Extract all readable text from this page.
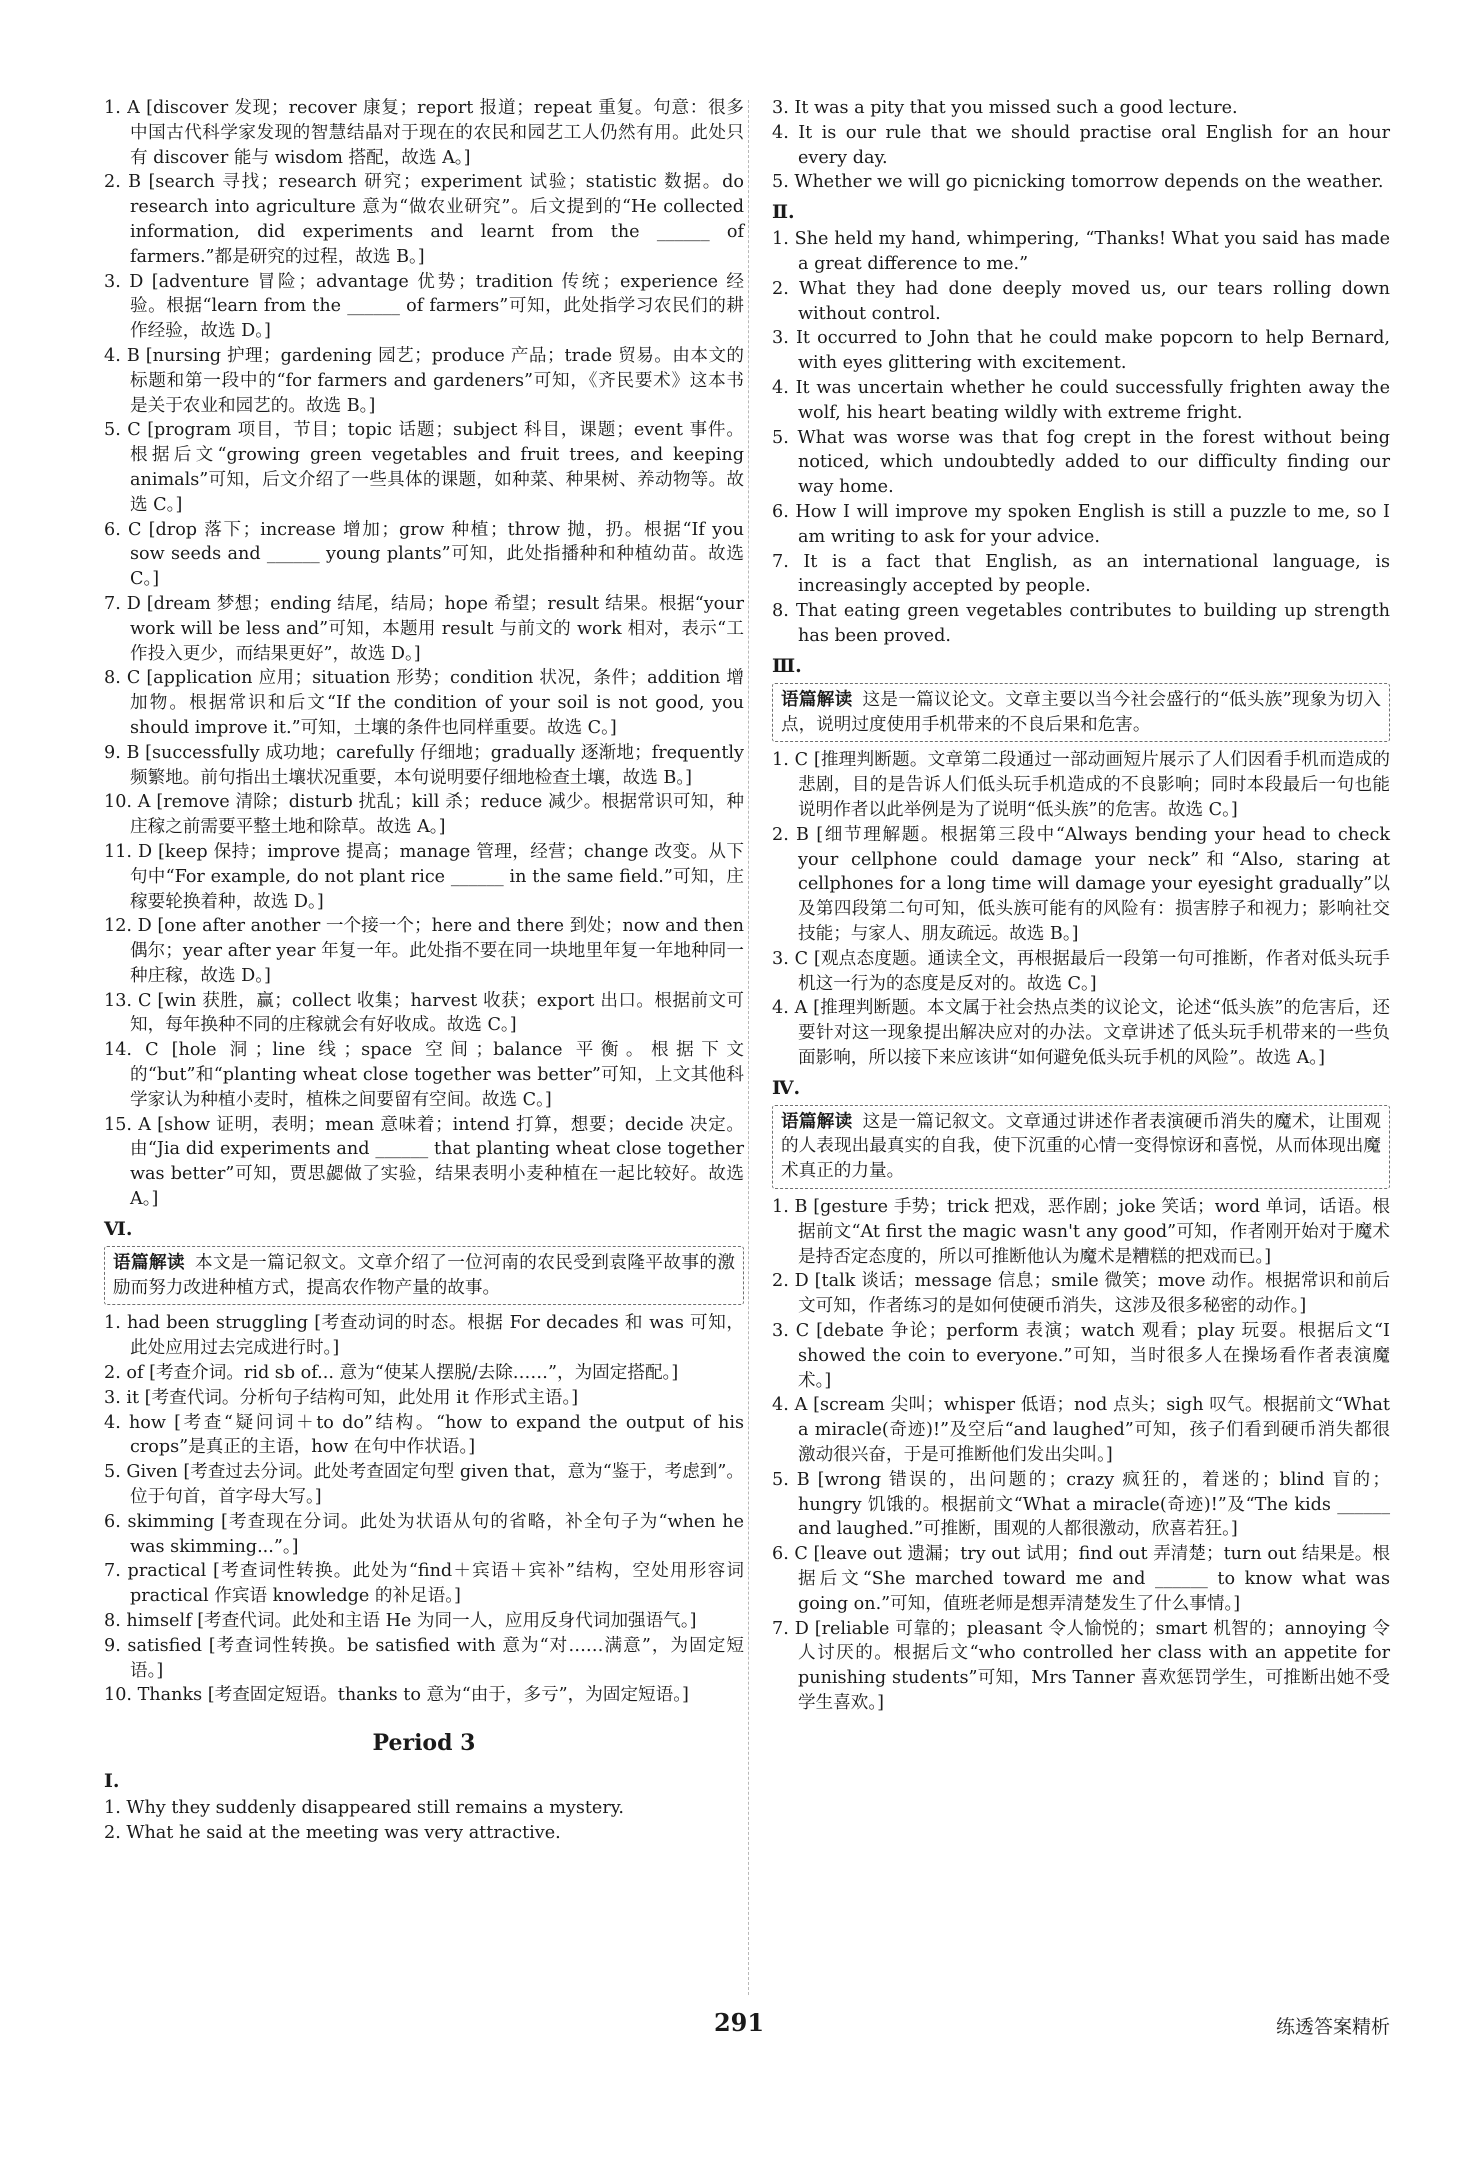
1. A [discover 发现；recover 康复；report 报道；repeat 重复。句意：很多中国古代科学家发现的智慧结晶对于现在的农民和园艺工人仍然有用。此处只有 discover 能与 wisdom 搭配，故选 A。]

2. B [search 寻找；research 研究；experiment 试验；statistic 数据。do research into agriculture 意为“做农业研究”。后文提到的“He collected information, did experiments and learnt from the ______ of farmers.”都是研究的过程，故选 B。]

3. D [adventure 冒险；advantage 优势；tradition 传统；experience 经验。根据“learn from the ______ of farmers”可知，此处指学习农民们的耕作经验，故选 D。]

4. B [nursing 护理；gardening 园艺；produce 产品；trade 贸易。由本文的标题和第一段中的“for farmers and gardeners”可知，《齐民要术》这本书是关于农业和园艺的。故选 B。]

5. C [program 项目，节目；topic 话题；subject 科目，课题；event 事件。根据后文“growing green vegetables and fruit trees, and keeping animals”可知，后文介绍了一些具体的课题，如种菜、种果树、养动物等。故选 C。]

6. C [drop 落下；increase 增加；grow 种植；throw 抛，扔。根据“If you sow seeds and ______ young plants”可知，此处指播种和种植幼苗。故选 C。]

7. D [dream 梦想；ending 结尾，结局；hope 希望；result 结果。根据“your work will be less and”可知，本题用 result 与前文的 work 相对，表示“工作投入更少，而结果更好”，故选 D。]

8. C [application 应用；situation 形势；condition 状况，条件；addition 增加物。根据常识和后文“If the condition of your soil is not good, you should improve it.”可知，土壤的条件也同样重要。故选 C。]

9. B [successfully 成功地；carefully 仔细地；gradually 逐渐地；frequently 频繁地。前句指出土壤状况重要，本句说明要仔细地检查土壤，故选 B。]

10. A [remove 清除；disturb 扰乱；kill 杀；reduce 减少。根据常识可知，种庄稼之前需要平整土地和除草。故选 A。]

11. D [keep 保持；improve 提高；manage 管理，经营；change 改变。从下句中“For example, do not plant rice ______ in the same field.”可知，庄稼要轮换着种，故选 D。]

12. D [one after another 一个接一个；here and there 到处；now and then 偶尔；year after year 年复一年。此处指不要在同一块地里年复一年地种同一种庄稼，故选 D。]

13. C [win 获胜，赢；collect 收集；harvest 收获；export 出口。根据前文可知，每年换种不同的庄稼就会有好收成。故选 C。]

14. C [hole 洞；line 线；space 空间；balance 平衡。根据下文的“but”和“planting wheat close together was better”可知，上文其他科学家认为种植小麦时，植株之间要留有空间。故选 C。]

15. A [show 证明，表明；mean 意味着；intend 打算，想要；decide 决定。由“Jia did experiments and ______ that planting wheat close together was better”可知，贾思勰做了实验，结果表明小麦种植在一起比较好。故选 A。]

Ⅵ.
语篇解读 本文是一篇记叙文。文章介绍了一位河南的农民受到袁隆平故事的激励而努力改进种植方式，提高农作物产量的故事。

1. had been struggling [考查动词的时态。根据 For decades 和 was 可知，此处应用过去完成进行时。]

2. of [考查介词。rid sb of... 意为“使某人摆脱/去除……”，为固定搭配。]

3. it [考查代词。分析句子结构可知，此处用 it 作形式主语。]

4. how [考查“疑问词＋to do”结构。“how to expand the output of his crops”是真正的主语，how 在句中作状语。]

5. Given [考查过去分词。此处考查固定句型 given that，意为“鉴于，考虑到”。位于句首，首字母大写。]

6. skimming [考查现在分词。此处为状语从句的省略，补全句子为“when he was skimming...”。]

7. practical [考查词性转换。此处为“find＋宾语＋宾补”结构，空处用形容词 practical 作宾语 knowledge 的补足语。]

8. himself [考查代词。此处和主语 He 为同一人，应用反身代词加强语气。]

9. satisfied [考查词性转换。be satisfied with 意为“对……满意”，为固定短语。]

10. Thanks [考查固定短语。thanks to 意为“由于，多亏”，为固定短语。]

Period 3
Ⅰ.

1. Why they suddenly disappeared still remains a mystery.

2. What he said at the meeting was very attractive.

3. It was a pity that you missed such a good lecture.

4. It is our rule that we should practise oral English for an hour every day.

5. Whether we will go picnicking tomorrow depends on the weather.

Ⅱ.

1. She held my hand, whimpering, “Thanks! What you said has made a great difference to me.”

2. What they had done deeply moved us, our tears rolling down without control.

3. It occurred to John that he could make popcorn to help Bernard, with eyes glittering with excitement.

4. It was uncertain whether he could successfully frighten away the wolf, his heart beating wildly with extreme fright.

5. What was worse was that fog crept in the forest without being noticed, which undoubtedly added to our difficulty finding our way home.

6. How I will improve my spoken English is still a puzzle to me, so I am writing to ask for your advice.

7. It is a fact that English, as an international language, is increasingly accepted by people.

8. That eating green vegetables contributes to building up strength has been proved.

Ⅲ.
语篇解读 这是一篇议论文。文章主要以当今社会盛行的“低头族”现象为切入点，说明过度使用手机带来的不良后果和危害。

1. C [推理判断题。文章第二段通过一部动画短片展示了人们因看手机而造成的悲剧，目的是告诉人们低头玩手机造成的不良影响；同时本段最后一句也能说明作者以此举例是为了说明“低头族”的危害。故选 C。]

2. B [细节理解题。根据第三段中“Always bending your head to check your cellphone could damage your neck”和“Also, staring at cellphones for a long time will damage your eyesight gradually”以及第四段第二句可知，低头族可能有的风险有：损害脖子和视力；影响社交技能；与家人、朋友疏远。故选 B。]

3. C [观点态度题。通读全文，再根据最后一段第一句可推断，作者对低头玩手机这一行为的态度是反对的。故选 C。]

4. A [推理判断题。本文属于社会热点类的议论文，论述“低头族”的危害后，还要针对这一现象提出解决应对的办法。文章讲述了低头玩手机带来的一些负面影响，所以接下来应该讲“如何避免低头玩手机的风险”。故选 A。]

Ⅳ.
语篇解读 这是一篇记叙文。文章通过讲述作者表演硬币消失的魔术，让围观的人表现出最真实的自我，使下沉重的心情一变得惊讶和喜悦，从而体现出魔术真正的力量。

1. B [gesture 手势；trick 把戏，恶作剧；joke 笑话；word 单词，话语。根据前文“At first the magic wasn't any good”可知，作者刚开始对于魔术是持否定态度的，所以可推断他认为魔术是糟糕的把戏而已。]

2. D [talk 谈话；message 信息；smile 微笑；move 动作。根据常识和前后文可知，作者练习的是如何使硬币消失，这涉及很多秘密的动作。]

3. C [debate 争论；perform 表演；watch 观看；play 玩耍。根据后文“I showed the coin to everyone.”可知，当时很多人在操场看作者表演魔术。]

4. A [scream 尖叫；whisper 低语；nod 点头；sigh 叹气。根据前文“What a miracle(奇迹)!”及空后“and laughed”可知，孩子们看到硬币消失都很激动很兴奋，于是可推断他们发出尖叫。]

5. B [wrong 错误的，出问题的；crazy 疯狂的，着迷的；blind 盲的；hungry 饥饿的。根据前文“What a miracle(奇迹)!”及“The kids ______ and laughed.”可推断，围观的人都很激动，欣喜若狂。]

6. C [leave out 遗漏；try out 试用；find out 弄清楚；turn out 结果是。根据后文“She marched toward me and ______ to know what was going on.”可知，值班老师是想弄清楚发生了什么事情。]

7. D [reliable 可靠的；pleasant 令人愉悦的；smart 机智的；annoying 令人讨厌的。根据后文“who controlled her class with an appetite for punishing students”可知，Mrs Tanner 喜欢惩罚学生，可推断出她不受学生喜欢。]

291	练透答案精析
